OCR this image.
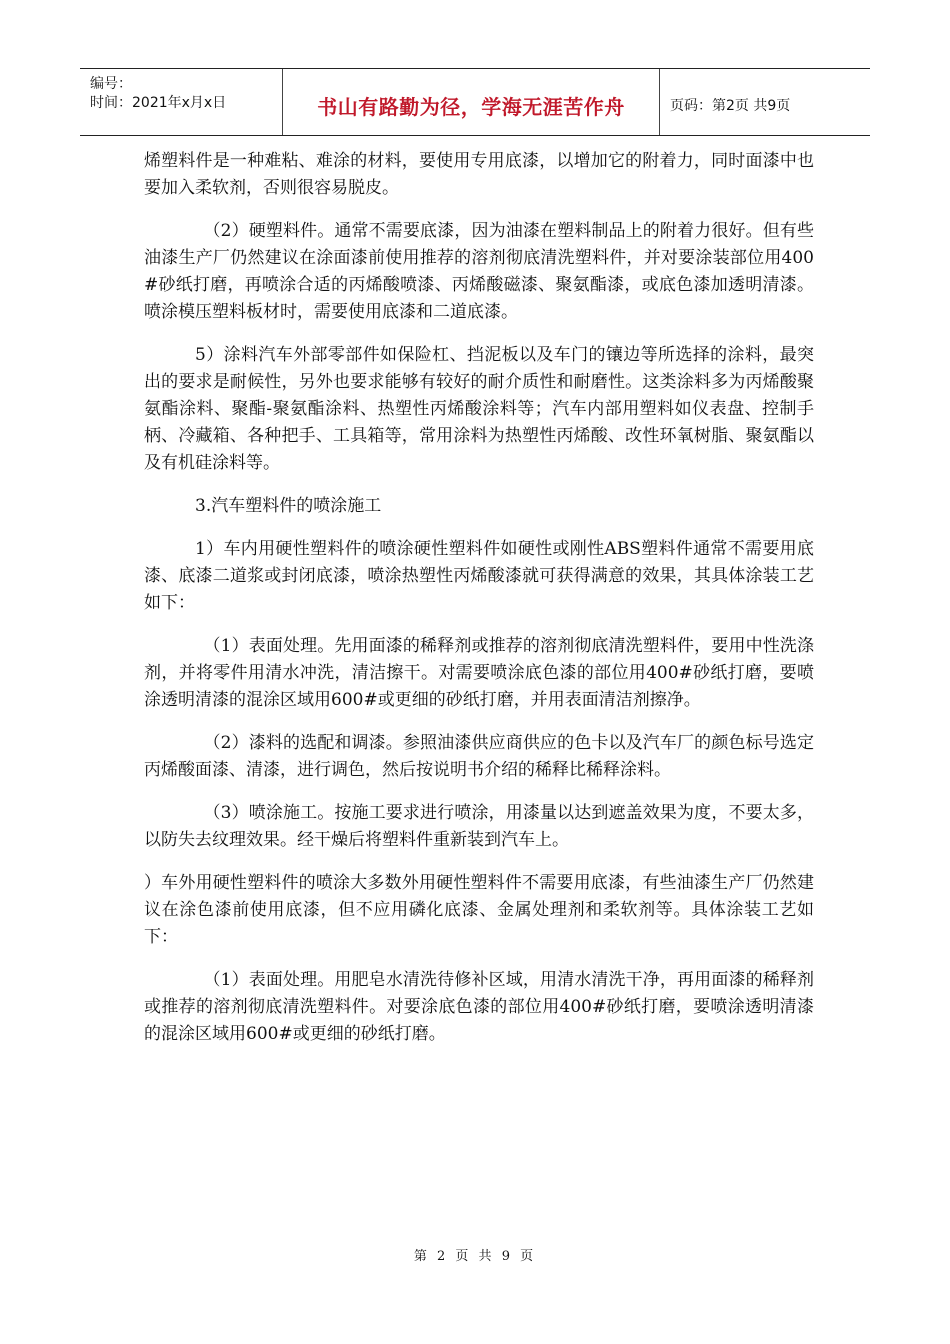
编号：
时间：2021年x月x日	书山有路勤为径，学海无涯苦作舟	页码：第2页 共9页

烯塑料件是一种难粘、难涂的材料，要使用专用底漆，以增加它的附着力，同时面漆中也要加入柔软剂，否则很容易脱皮。

（2）硬塑料件。通常不需要底漆，因为油漆在塑料制品上的附着力很好。但有些油漆生产厂仍然建议在涂面漆前使用推荐的溶剂彻底清洗塑料件，并对要涂装部位用400#砂纸打磨，再喷涂合适的丙烯酸喷漆、丙烯酸磁漆、聚氨酯漆，或底色漆加透明清漆。喷涂模压塑料板材时，需要使用底漆和二道底漆。

5）涂料汽车外部零部件如保险杠、挡泥板以及车门的镶边等所选择的涂料，最突出的要求是耐候性，另外也要求能够有较好的耐介质性和耐磨性。这类涂料多为丙烯酸聚氨酯涂料、聚酯-聚氨酯涂料、热塑性丙烯酸涂料等；汽车内部用塑料如仪表盘、控制手柄、冷藏箱、各种把手、工具箱等，常用涂料为热塑性丙烯酸、改性环氧树脂、聚氨酯以及有机硅涂料等。

3.汽车塑料件的喷涂施工

1）车内用硬性塑料件的喷涂硬性塑料件如硬性或刚性ABS塑料件通常不需要用底漆、底漆二道浆或封闭底漆，喷涂热塑性丙烯酸漆就可获得满意的效果，其具体涂装工艺如下：

（1）表面处理。先用面漆的稀释剂或推荐的溶剂彻底清洗塑料件，要用中性洗涤剂，并将零件用清水冲洗，清洁擦干。对需要喷涂底色漆的部位用400#砂纸打磨，要喷涂透明清漆的混涂区域用600#或更细的砂纸打磨，并用表面清洁剂擦净。

（2）漆料的选配和调漆。参照油漆供应商供应的色卡以及汽车厂的颜色标号选定丙烯酸面漆、清漆，进行调色，然后按说明书介绍的稀释比稀释涂料。

（3）喷涂施工。按施工要求进行喷涂，用漆量以达到遮盖效果为度，不要太多，以防失去纹理效果。经干燥后将塑料件重新装到汽车上。

）车外用硬性塑料件的喷涂大多数外用硬性塑料件不需要用底漆，有些油漆生产厂仍然建议在涂色漆前使用底漆，但不应用磷化底漆、金属处理剂和柔软剂等。具体涂装工艺如下：

（1）表面处理。用肥皂水清洗待修补区域，用清水清洗干净，再用面漆的稀释剂或推荐的溶剂彻底清洗塑料件。对要涂底色漆的部位用400#砂纸打磨，要喷涂透明清漆的混涂区域用600#或更细的砂纸打磨。

第 2 页 共 9 页
